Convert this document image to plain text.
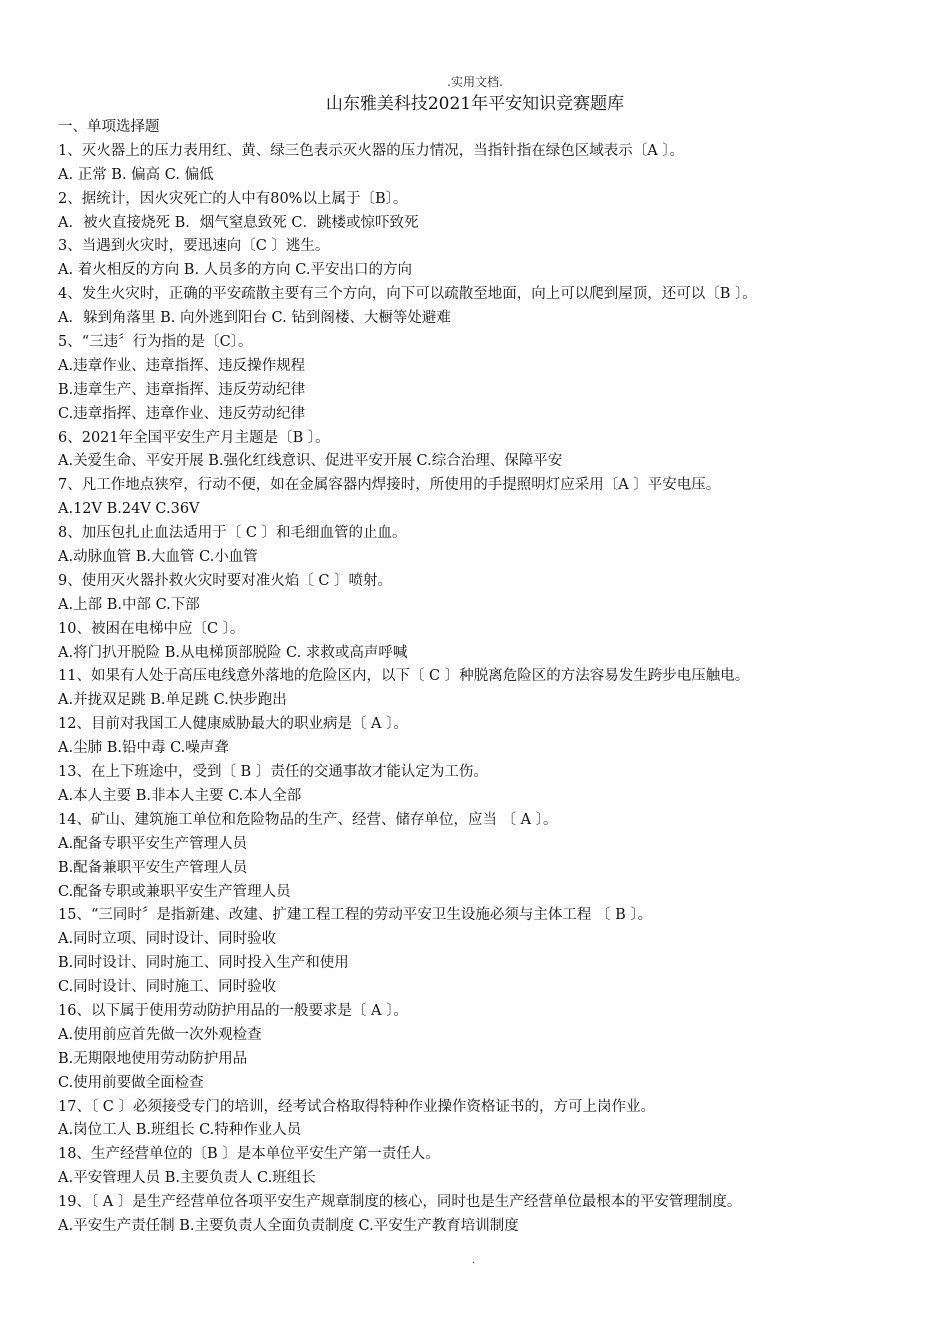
.实用文档.
山东雅美科技2021年平安知识竞赛题库
一、单项选择题
1、灭火器上的压力表用红、黄、绿三色表示灭火器的压力情况，当指针指在绿色区域表示〔A 〕。
A. 正常 B. 偏高 C. 偏低
2、据统计，因火灾死亡的人中有80%以上属于〔B〕。
A．被火直接烧死 B．烟气窒息致死 C．跳楼或惊吓致死
3、当遇到火灾时，要迅速向〔C 〕逃生。
A. 着火相反的方向 B. 人员多的方向 C.平安出口的方向
4、发生火灾时，正确的平安疏散主要有三个方向，向下可以疏散至地面，向上可以爬到屋顶，还可以〔B 〕。
A．躲到角落里 B. 向外逃到阳台 C. 钻到阁楼、大橱等处避难
5、“三违〞行为指的是〔C〕。
A.违章作业、违章指挥、违反操作规程
B.违章生产、违章指挥、违反劳动纪律
C.违章指挥、违章作业、违反劳动纪律
6、2021年全国平安生产月主题是〔B 〕。
A.关爱生命、平安开展 B.强化红线意识、促进平安开展 C.综合治理、保障平安
7、凡工作地点狭窄，行动不便，如在金属容器内焊接时，所使用的手提照明灯应采用〔A 〕平安电压。
A.12V B.24V C.36V
8、加压包扎止血法适用于〔 C 〕和毛细血管的止血。
A.动脉血管 B.大血管 C.小血管
9、使用灭火器扑救火灾时要对准火焰〔 C 〕喷射。
A.上部 B.中部 C.下部
10、被困在电梯中应〔C 〕。
A.将门扒开脱险 B.从电梯顶部脱险 C. 求救或高声呼喊
11、如果有人处于高压电线意外落地的危险区内，以下〔 C 〕种脱离危险区的方法容易发生跨步电压触电。
A.并拢双足跳 B.单足跳 C.快步跑出
12、目前对我国工人健康威胁最大的职业病是〔 A 〕。
A.尘肺 B.铅中毒 C.噪声聋
13、在上下班途中，受到〔 B 〕责任的交通事故才能认定为工伤。
A.本人主要 B.非本人主要 C.本人全部
14、矿山、建筑施工单位和危险物品的生产、经营、储存单位，应当 〔 A 〕。
A.配备专职平安生产管理人员
B.配备兼职平安生产管理人员
C.配备专职或兼职平安生产管理人员
15、“三同时〞是指新建、改建、扩建工程工程的劳动平安卫生设施必须与主体工程 〔 B 〕。
A.同时立项、同时设计、同时验收
B.同时设计、同时施工、同时投入生产和使用
C.同时设计、同时施工、同时验收
16、以下属于使用劳动防护用品的一般要求是〔 A 〕。
A.使用前应首先做一次外观检查
B.无期限地使用劳动防护用品
C.使用前要做全面检查
17、〔 C 〕必须接受专门的培训，经考试合格取得特种作业操作资格证书的，方可上岗作业。
A.岗位工人 B.班组长 C.特种作业人员
18、生产经营单位的〔B 〕是本单位平安生产第一责任人。
A.平安管理人员 B.主要负责人 C.班组长
19、〔 A 〕是生产经营单位各项平安生产规章制度的核心，同时也是生产经营单位最根本的平安管理制度。
A.平安生产责任制 B.主要负责人全面负责制度 C.平安生产教育培训制度
.
